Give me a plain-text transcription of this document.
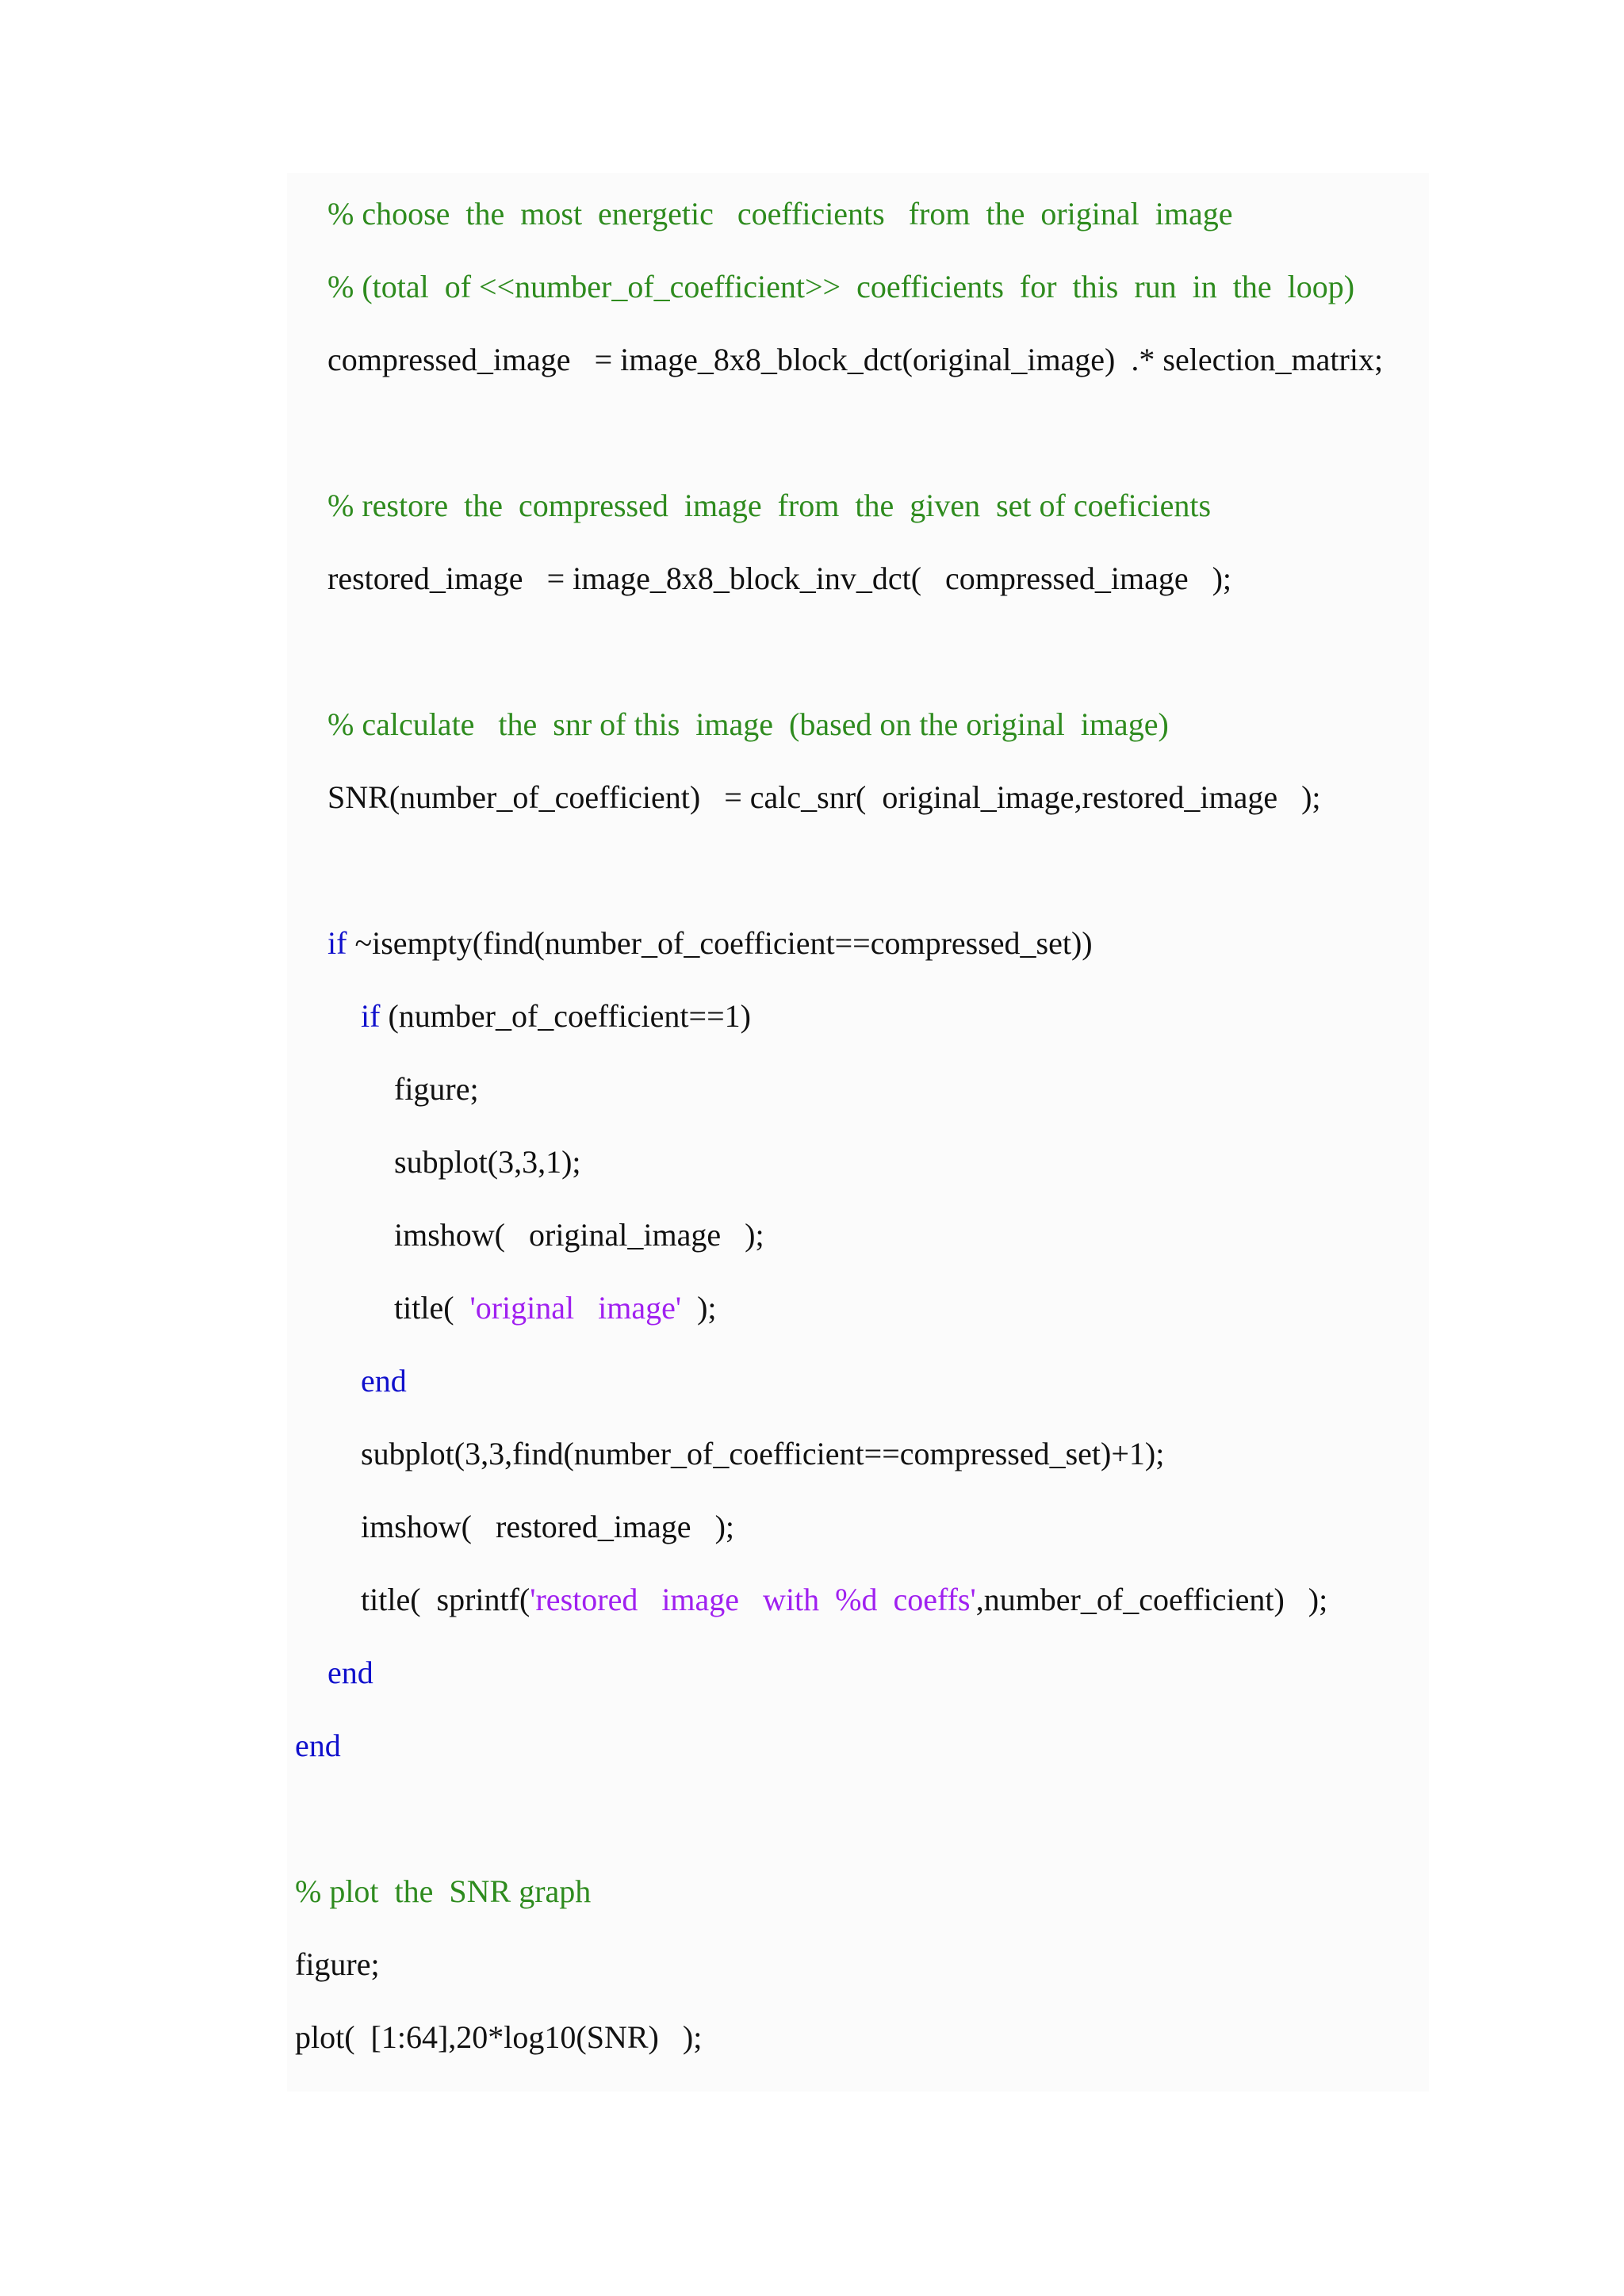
% choose  the  most  energetic   coefficients   from  the  original  image
% (total  of <<number_of_coefficient>>  coefficients  for  this  run  in  the  loop)
compressed_image   = image_8x8_block_dct(original_image)  .* selection_matrix;
% restore  the  compressed  image  from  the  given  set of coeficients
restored_image   = image_8x8_block_inv_dct(   compressed_image   );
% calculate   the  snr of this  image  (based on the original  image)
SNR(number_of_coefficient)   = calc_snr(  original_image,restored_image   );
if ~isempty(find(number_of_coefficient==compressed_set))
if (number_of_coefficient==1)
figure;
subplot(3,3,1);
imshow(   original_image   );
title(  'original   image'  );
end
subplot(3,3,find(number_of_coefficient==compressed_set)+1);
imshow(   restored_image   );
title(  sprintf('restored   image   with  %d  coeffs',number_of_coefficient)   );
end
end
% plot  the  SNR graph
figure;
plot(  [1:64],20*log10(SNR)   );
